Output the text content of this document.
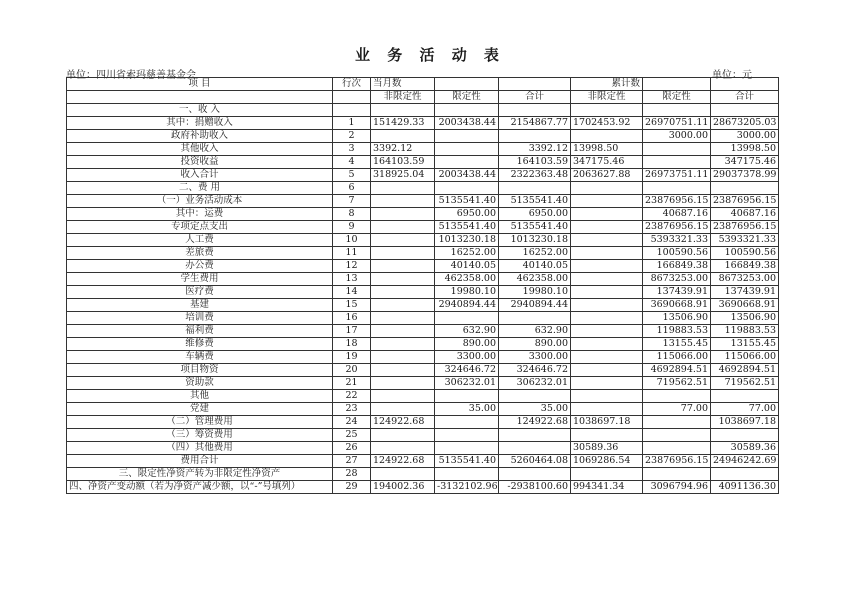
业 务 活 动 表
单位：四川省索玛慈善基金会	单位：元
项 目	行次	当月数			累计数		
		非限定性	限定性	合计	非限定性	限定性	合计
一、收 入							
其中：捐赠收入	1	151429.33	2003438.44	2154867.77	1702453.92	26970751.11	28673205.03
政府补助收入	2					3000.00	3000.00
其他收入	3	3392.12		3392.12	13998.50		13998.50
投资收益	4	164103.59		164103.59	347175.46		347175.46
收入合计	5	318925.04	2003438.44	2322363.48	2063627.88	26973751.11	29037378.99
二、费 用	6						
（一）业务活动成本	7		5135541.40	5135541.40		23876956.15	23876956.15
其中：运费	8		6950.00	6950.00		40687.16	40687.16
专项定点支出	9		5135541.40	5135541.40		23876956.15	23876956.15
人工费	10		1013230.18	1013230.18		5393321.33	5393321.33
差旅费	11		16252.00	16252.00		100590.56	100590.56
办公费	12		40140.05	40140.05		166849.38	166849.38
学生费用	13		462358.00	462358.00		8673253.00	8673253.00
医疗费	14		19980.10	19980.10		137439.91	137439.91
基建	15		2940894.44	2940894.44		3690668.91	3690668.91
培训费	16					13506.90	13506.90
福利费	17		632.90	632.90		119883.53	119883.53
维修费	18		890.00	890.00		13155.45	13155.45
车辆费	19		3300.00	3300.00		115066.00	115066.00
项目物资	20		324646.72	324646.72		4692894.51	4692894.51
资助款	21		306232.01	306232.01		719562.51	719562.51
其他	22						
党建	23		35.00	35.00		77.00	77.00
（二）管理费用	24	124922.68		124922.68	1038697.18		1038697.18
（三）筹资费用	25						
（四）其他费用	26				30589.36		30589.36
费用合计	27	124922.68	5135541.40	5260464.08	1069286.54	23876956.15	24946242.69
三、限定性净资产转为非限定性净资产	28						
四、净资产变动额（若为净资产减少额，以“-”号填列）	29	194002.36	-3132102.96	-2938100.60	994341.34	3096794.96	4091136.30
